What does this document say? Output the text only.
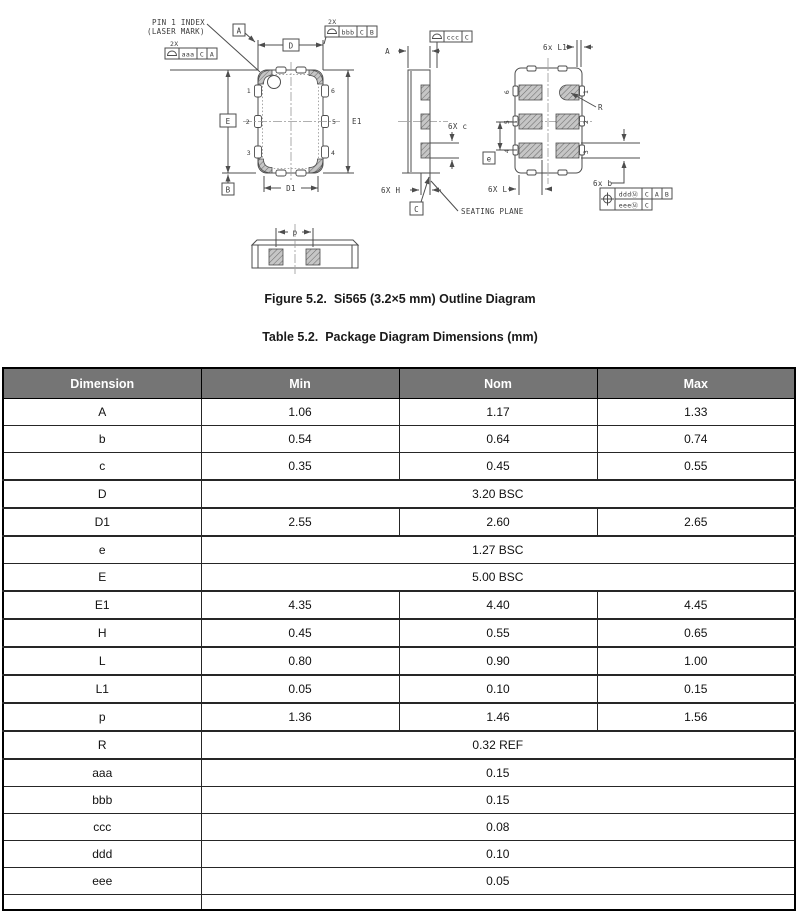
PIN 1 INDEX
(LASER MARK)	A
D
2X
bbb C B
2X
aaa C A
E
B
E1
D1
1
2
3
6
5
4
A
ccc C
6X c
6X H
C	SEATING PLANE
R
6x L1
e
6X L
6x b
dddⓂ C A B
eeeⓂ C
6
5
4
1
2
3
p
Figure 5.2.  Si565 (3.2×5 mm) Outline Diagram
Table 5.2.  Package Diagram Dimensions (mm)
Dimension	Min	Nom	Max
A	1.06	1.17	1.33
b	0.54	0.64	0.74
c	0.35	0.45	0.55
D	3.20 BSC		
D1	2.55	2.60	2.65
e	1.27 BSC		
E	5.00 BSC		
E1	4.35	4.40	4.45
H	0.45	0.55	0.65
L	0.80	0.90	1.00
L1	0.05	0.10	0.15
p	1.36	1.46	1.56
R	0.32 REF		
aaa	0.15		
bbb	0.15		
ccc	0.08		
ddd	0.10		
eee	0.05		
